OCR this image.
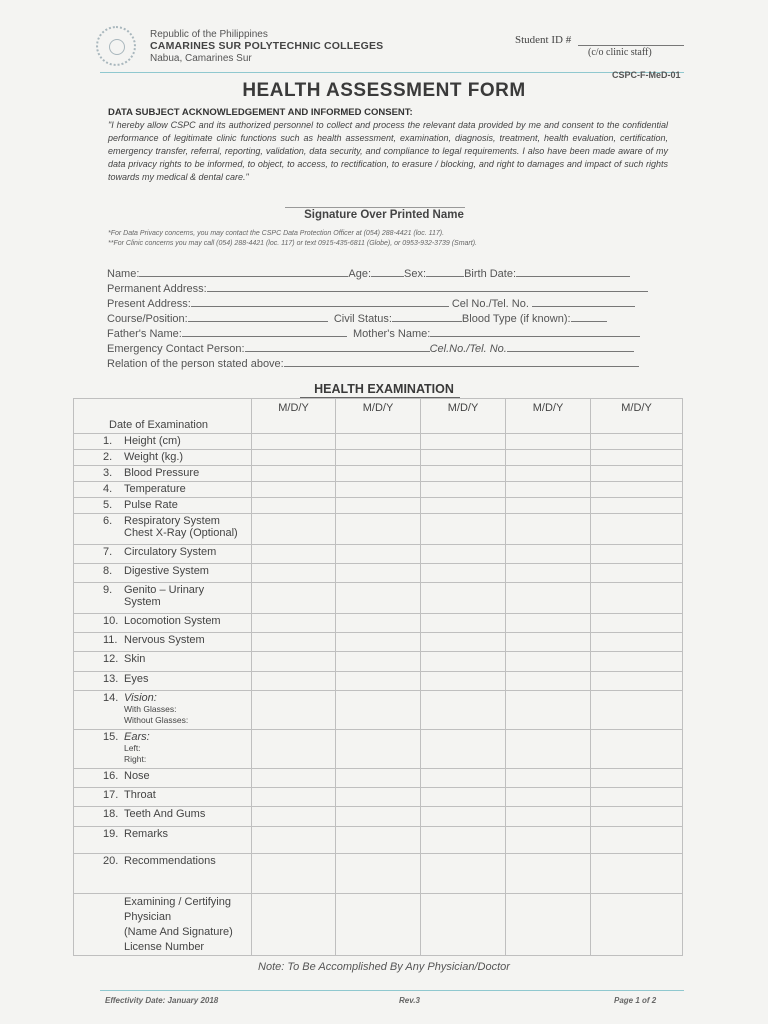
Republic of the Philippines
CAMARINES SUR POLYTECHNIC COLLEGES
Nabua, Camarines Sur
Student ID #
(c/o clinic staff)
CSPC-F-MeD-01
HEALTH ASSESSMENT FORM
DATA SUBJECT ACKNOWLEDGEMENT AND INFORMED CONSENT:
"I hereby allow CSPC and its authorized personnel to collect and process the relevant data provided by me and consent to the confidential performance of legitimate clinic functions such as health assessment, examination, diagnosis, treatment, health evaluation, certification, emergency transfer, referral, reporting, validation, data security, and compliance to legal requirements. I also have been made aware of my data privacy rights to be informed, to object, to access, to rectification, to erasure / blocking, and right to damages and impact of such rights towards my medical & dental care."
Signature Over Printed Name
*For Data Privacy concerns, you may contact the CSPC Data Protection Officer at (054) 288-4421 (loc. 117).
**For Clinic concerns you may call (054) 288-4421 (loc. 117) or text 0915-435-6811 (Globe), or 0953-932-3739 (Smart).
Name:	Age:	Sex:	Birth Date:
Permanent Address:
Present Address:	Cel No./Tel. No.
Course/Position:	Civil Status:	Blood Type (if known):
Father's Name:	Mother's Name:
Emergency Contact Person:	Cel.No./Tel. No.
Relation of the person stated above:
HEALTH EXAMINATION
Date of Examination	M/D/Y	M/D/Y	M/D/Y	M/D/Y	M/D/Y
1. Height (cm)					
2. Weight (kg.)					
3. Blood Pressure					
4. Temperature					
5. Pulse Rate					
6. Respiratory System
Chest X-Ray (Optional)					

7. Circulatory System					
8. Digestive System					
9. Genito – Urinary
System					

10. Locomotion System					
11. Nervous System					
12. Skin					
13. Eyes					
14. Vision:
With Glasses:
Without Glasses:					

15. Ears:
Left:
Right:					

16. Nose					
17. Throat					
18. Teeth And Gums					
19. Remarks					
20. Recommendations					

Examining / Certifying
Physician
(Name And Signature)
License Number					

Note: To Be Accomplished By Any Physician/Doctor
Effectivity Date: January 2018	Rev.3	Page 1 of 2
